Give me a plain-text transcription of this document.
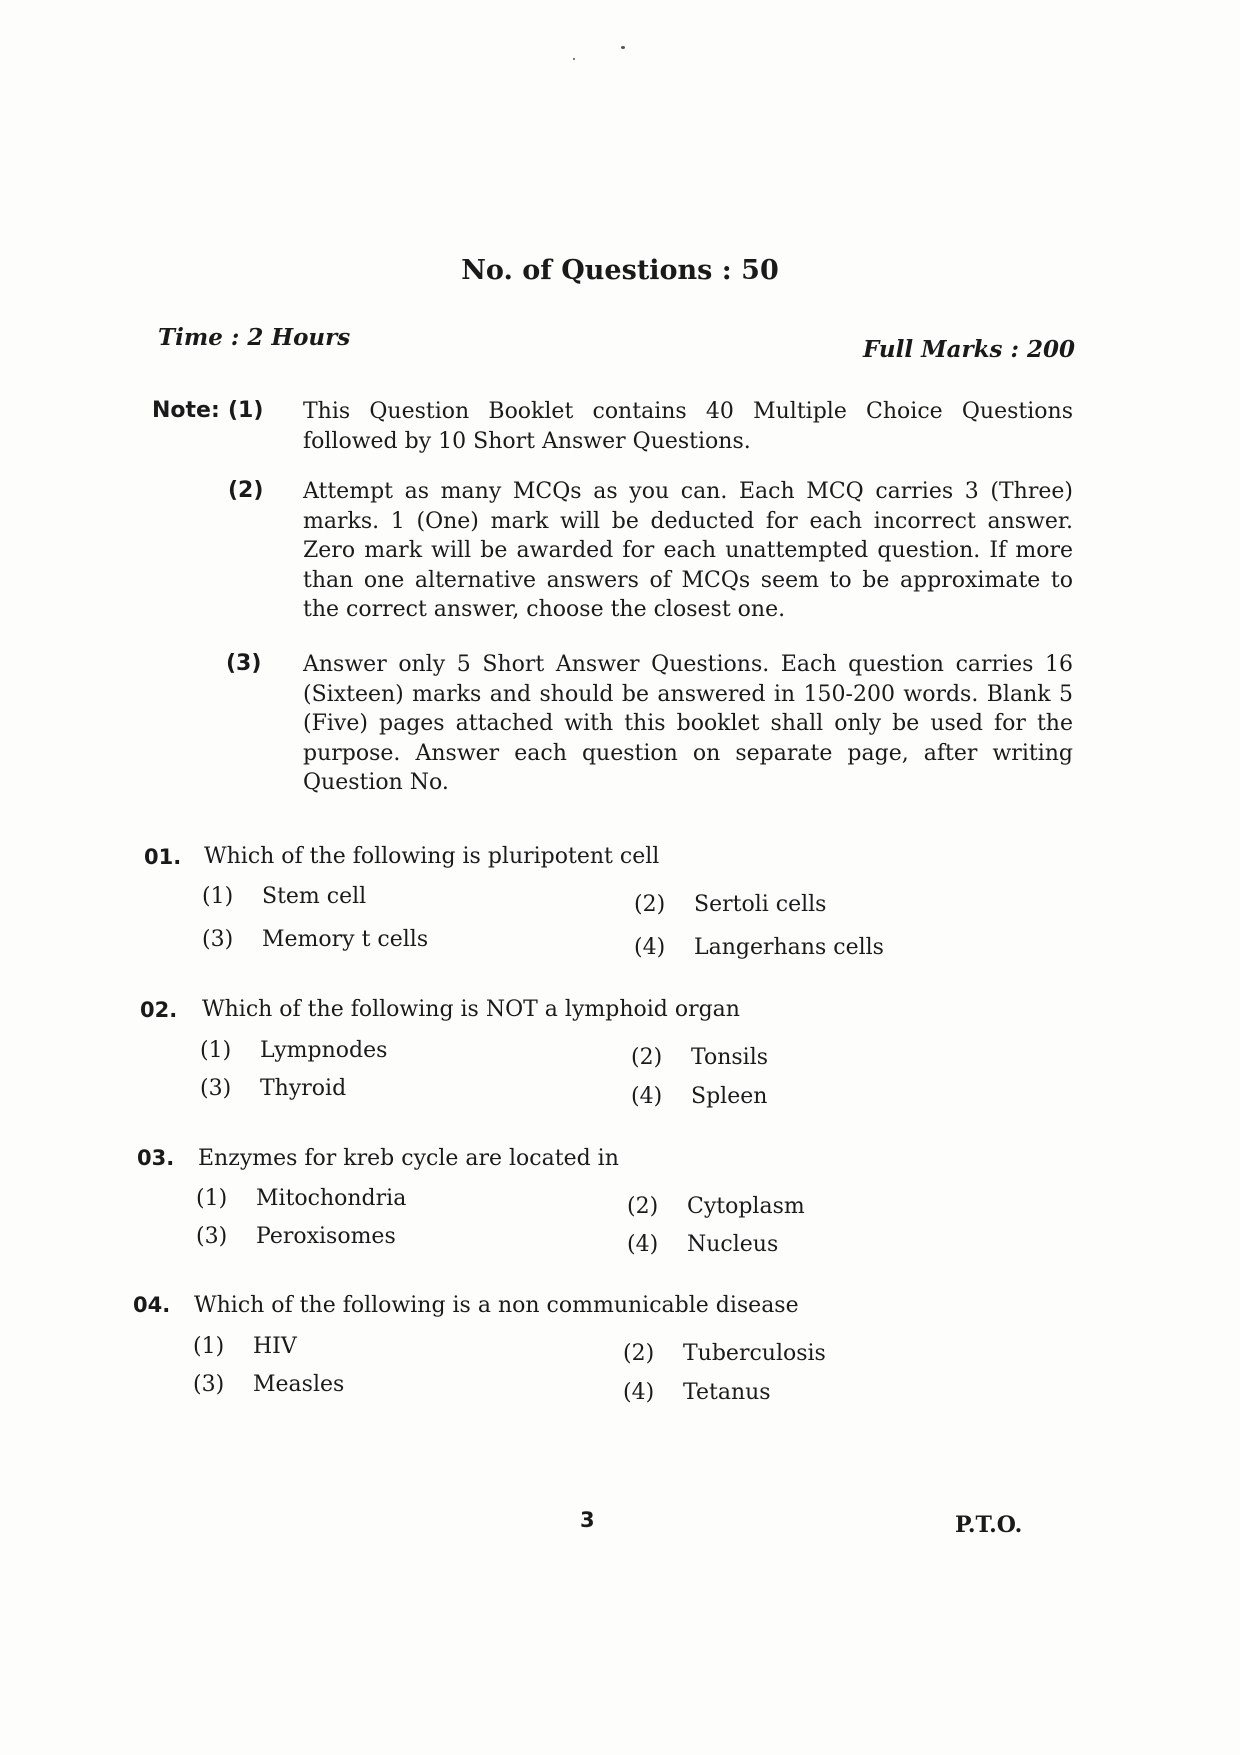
No. of Questions : 50
Time : 2 Hours	Full Marks : 200
Note: (1) This Question Booklet contains 40 Multiple Choice Questions followed by 10 Short Answer Questions.
(2) Attempt as many MCQs as you can. Each MCQ carries 3 (Three) marks. 1 (One) mark will be deducted for each incorrect answer. Zero mark will be awarded for each unattempted question. If more than one alternative answers of MCQs seem to be approximate to the correct answer, choose the closest one.
(3) Answer only 5 Short Answer Questions. Each question carries 16 (Sixteen) marks and should be answered in 150-200 words. Blank 5 (Five) pages attached with this booklet shall only be used for the purpose. Answer each question on separate page, after writing Question No.
01. Which of the following is pluripotent cell
(1) Stem cell	(2) Sertoli cells
(3) Memory t cells	(4) Langerhans cells
02. Which of the following is NOT a lymphoid organ
(1) Lympnodes	(2) Tonsils
(3) Thyroid	(4) Spleen
03. Enzymes for kreb cycle are located in
(1) Mitochondria	(2) Cytoplasm
(3) Peroxisomes	(4) Nucleus
04. Which of the following is a non communicable disease
(1) HIV	(2) Tuberculosis
(3) Measles	(4) Tetanus
3	P.T.O.
